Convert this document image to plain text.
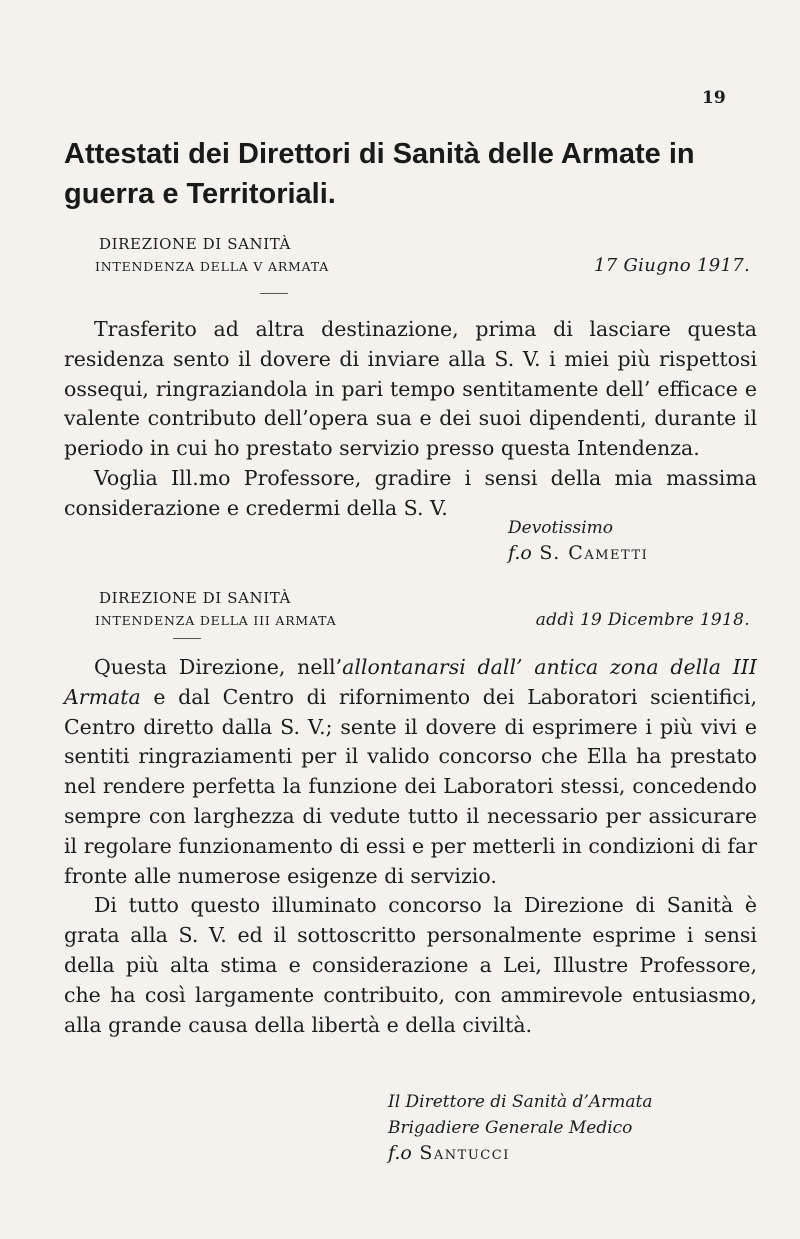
19
Attestati dei Direttori di Sanità delle Armate in guerra e Territoriali.
DIREZIONE DI SANITÀ
INTENDENZA DELLA V ARMATA	17 Giugno 1917.

Trasferito ad altra destinazione, prima di lasciare questa residenza sento il dovere di inviare alla S. V. i miei più rispettosi ossequi, ringraziandola in pari tempo sentitamente dell’ efficace e valente contributo dell’opera sua e dei suoi dipendenti, durante il periodo in cui ho prestato servizio presso questa Intendenza.

Voglia Ill.mo Professore, gradire i sensi della mia massima considerazione e credermi della S. V.

Devotissimo
f.o S. Cametti
DIREZIONE DI SANITÀ
INTENDENZA DELLA III ARMATA	addì 19 Dicembre 1918.

Questa Direzione, nell’allontanarsi dall’ antica zona della III Armata e dal Centro di rifornimento dei Laboratori scientifici, Centro diretto dalla S. V.; sente il dovere di esprimere i più vivi e sentiti ringraziamenti per il valido concorso che Ella ha prestato nel rendere perfetta la funzione dei Laboratori stessi, concedendo sempre con larghezza di vedute tutto il necessario per assicurare il regolare funzionamento di essi e per metterli in condizioni di far fronte alle numerose esigenze di servizio.

Di tutto questo illuminato concorso la Direzione di Sanità è grata alla S. V. ed il sottoscritto personalmente esprime i sensi della più alta stima e considerazione a Lei, Illustre Professore, che ha così largamente contribuito, con ammirevole entusiasmo, alla grande causa della libertà e della civiltà.

Il Direttore di Sanità d’Armata
Brigadiere Generale Medico
f.o Santucci
